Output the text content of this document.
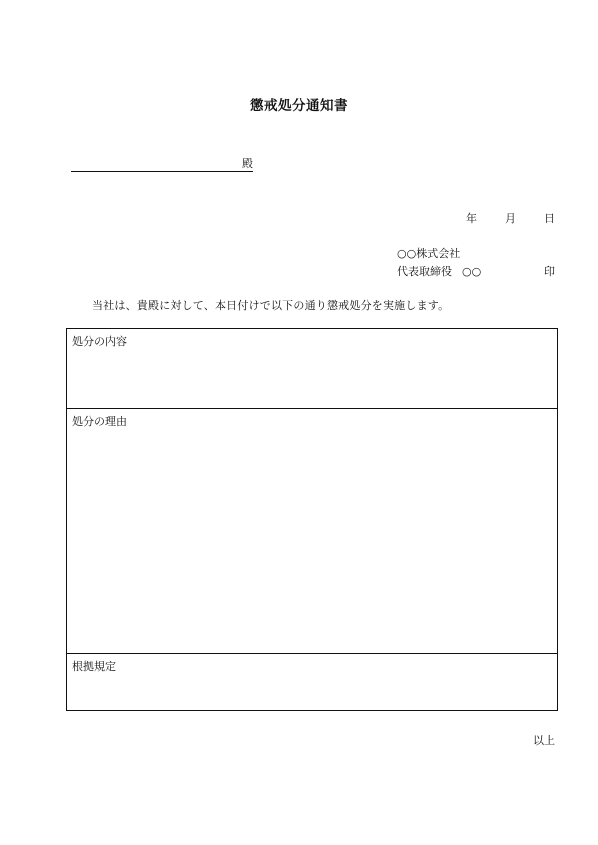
懲戒処分通知書
殿
年	月	日
○○株式会社
代表取締役 ○○	印
当社は、貴殿に対して、本日付けで以下の通り懲戒処分を実施します。
処分の内容
処分の理由
根拠規定
以上
